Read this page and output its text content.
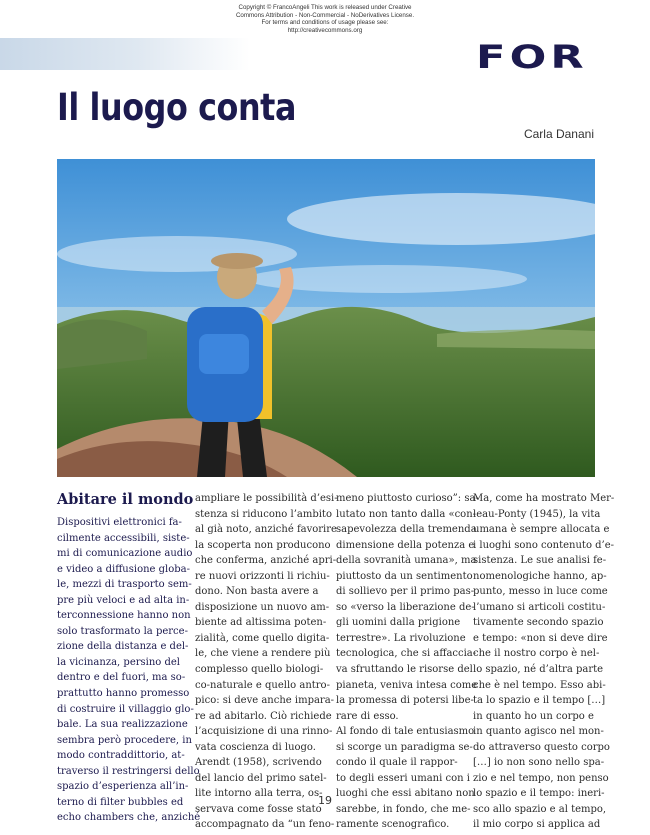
Copyright © FrancoAngeli This work is released under Creative
Commons Attribution - Non-Commercial - NoDerivatives License.
For terms and conditions of usage please see:
http://creativecommons.org
FOR
Il luogo conta
Carla Danani
Abitare il mondo
Dispositivi elettronici fa-
cilmente accessibili, siste-
mi di comunicazione audio
e video a diffusione globa-
le, mezzi di trasporto sem-
pre più veloci e ad alta in-
terconnessione hanno non
solo trasformato la perce-
zione della distanza e del-
la vicinanza, persino del
dentro e del fuori, ma so-
prattutto hanno promesso
di costruire il villaggio glo-
bale. La sua realizzazione
sembra però procedere, in
modo contraddittorio, at-
traverso il restringersi dello
spazio d’esperienza all’in-
terno di filter bubbles ed
echo chambers che, anziché
ampliare le possibilità d’esi-
stenza si riducono l’ambito
al già noto, anziché favorire
la scoperta non producono
che conferma, anziché apri-
re nuovi orizzonti li richiu-
dono. Non basta avere a
disposizione un nuovo am-
biente ad altissima poten-
zialità, come quello digita-
le, che viene a rendere più
complesso quello biologi-
co-naturale e quello antro-
pico: si deve anche impara-
re ad abitarlo. Ciò richiede
l’acquisizione di una rinno-
vata coscienza di luogo.
Arendt (1958), scrivendo
del lancio del primo satel-
lite intorno alla terra, os-
servava come fosse stato
accompagnato da “un feno-
meno piuttosto curioso”: sa-
lutato non tanto dalla «con-
sapevolezza della tremenda
dimensione della potenza e
della sovranità umana», ma
piuttosto da un sentimento
di sollievo per il primo pas-
so «verso la liberazione de-
gli uomini dalla prigione
terrestre». La rivoluzione
tecnologica, che si affaccia-
va sfruttando le risorse del
pianeta, veniva intesa come
la promessa di potersi libe-
rare di esso.
Al fondo di tale entusiasmo
si scorge un paradigma se-
condo il quale il rappor-
to degli esseri umani con i
luoghi che essi abitano non
sarebbe, in fondo, che me-
ramente scenografico.
Ma, come ha mostrato Mer-
leau-Ponty (1945), la vita
umana è sempre allocata e
i luoghi sono contenuto d’e-
sistenza. Le sue analisi fe-
nomenologiche hanno, ap-
punto, messo in luce come
l’umano si articoli costitu-
tivamente secondo spazio
e tempo: «non si deve dire
che il nostro corpo è nel-
lo spazio, né d’altra parte
che è nel tempo. Esso abi-
ta lo spazio e il tempo […]
in quanto ho un corpo e
in quanto agisco nel mon-
do attraverso questo corpo
[…] io non sono nello spa-
zio e nel tempo, non penso
lo spazio e il tempo: ineri-
sco allo spazio e al tempo,
il mio corpo si applica ad
19
